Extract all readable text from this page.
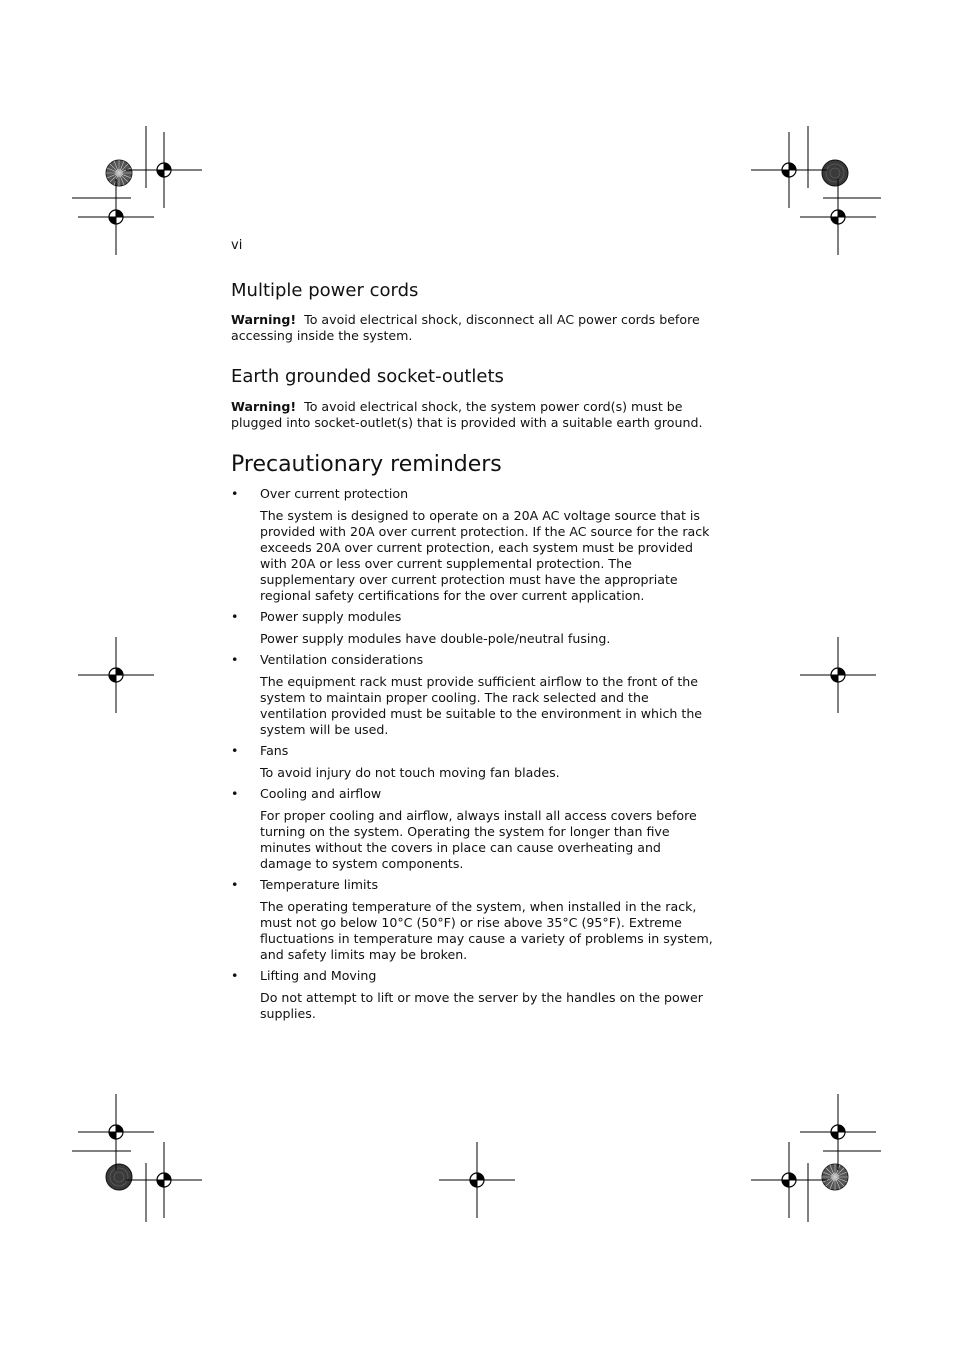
vi
Multiple power cords

Warning! To avoid electrical shock, disconnect all AC power cords before accessing inside the system.

Earth grounded socket-outlets

Warning! To avoid electrical shock, the system power cord(s) must be plugged into socket-outlet(s) that is provided with a suitable earth ground.

Precautionary reminders
•	Over current protection
The system is designed to operate on a 20A AC voltage source that is provided with 20A over current protection. If the AC source for the rack exceeds 20A over current protection, each system must be provided with 20A or less over current supplemental protection. The supplementary over current protection must have the appropriate regional safety certifications for the over current application.
•	Power supply modules
Power supply modules have double-pole/neutral fusing.
•	Ventilation considerations
The equipment rack must provide sufficient airflow to the front of the system to maintain proper cooling. The rack selected and the ventilation provided must be suitable to the environment in which the system will be used.
•	Fans
To avoid injury do not touch moving fan blades.
•	Cooling and airflow
For proper cooling and airflow, always install all access covers before turning on the system. Operating the system for longer than five minutes without the covers in place can cause overheating and damage to system components.
•	Temperature limits
The operating temperature of the system, when installed in the rack, must not go below 10°C (50°F) or rise above 35°C (95°F). Extreme fluctuations in temperature may cause a variety of problems in system, and safety limits may be broken.
•	Lifting and Moving
Do not attempt to lift or move the server by the handles on the power supplies.
